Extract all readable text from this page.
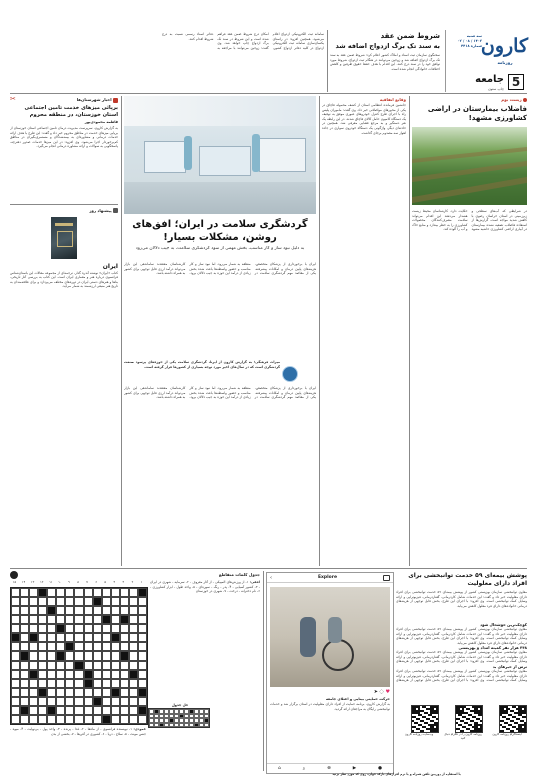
سه شنبه
۱۴۰۲ / ۰۸ / ۰۲
شماره ۴۴۱۸
کارون
روزنامه
5
جامعه
چاپ ستون
شروط ضمن عقد
به سند تک برگ ازدواج اضافه شد
سخنگوی سازمان ثبت اسناد و املاک کشور اعلام کرد: شروط ضمن عقد به سند تک برگ ازدواج اضافه شد و زوجین می‌توانند در هنگام ثبت ازدواج، شروط مورد توافق خود را در سند درج کنند. این اقدام با هدف حفظ حقوق طرفین و کاهش اختلافات خانوادگی انجام شده است.
سامانه ثبت الکترونیکی ازدواج اعلام می‌شود. همچنین افزود: در راستای یکسان‌سازی سامانه ثبت الکترونیکی ازدواج در کلیه دفاتر ازدواج کشور، امکان درج شروط ضمن عقد فراهم شده است و این شروط در سند تک برگ ازدواج چاپ خواهد شد. وی گفت: زوجین می‌توانند با مراجعه به دفاتر اسناد رسمی نسبت به درج شروط اقدام کنند.
اخبار شهرستان‌ها
✂
برپائی میزهای خدمت تامین اجتماعی استان خوزستان، در منطقه محروم
فاطمه محمودی‌پور
به گزارش کارون، سرپرست مدیریت درمان تامین اجتماعی استان خوزستان از برپایی میزهای خدمت در مناطق محروم خبر داد و گفت: این طرح با هدف ارائه خدمات درمانی و مشاوره‌ای به بیمه‌شدگان و مستمری‌بگیران در مناطق کم‌برخوردار اجرا می‌شود. وی افزود: در این میزها خدمات صدور دفترچه، پاسخگویی به سوالات و ارائه مشاوره درمانی انجام می‌گیرد.
پیشنهاد روز
ایران
کتاب «ایران» نوشته آندره گدار، ترجمه‌ای از مجموعه مقالات این باستان‌شناس فرانسوی درباره هنر و معماری ایران است. این کتاب به بررسی آثار تاریخی، بناها و هنرهای دستی ایران در دوره‌های مختلف می‌پردازد و برای علاقه‌مندان به تاریخ هنر منبعی ارزشمند به شمار می‌آید.
گردشگری سلامت در ایران؛ افق‌های روشن، مشکلات بسیار!
به دلیل نبود ساز و کار مناسب، بخش مهمی از سود گردشگری سلامت، به جیب دلالان می‌رود
ایران با برخورداری از پزشکان متخصص، هزینه‌های پایین درمان و امکانات پیشرفته، یکی از مقاصد مهم گردشگری سلامت در منطقه به شمار می‌رود. اما نبود ساز و کار مناسب و حضور واسطه‌ها باعث شده بخش زیادی از درآمد این حوزه به جیب دلالان برود. کارشناسان معتقدند ساماندهی این بازار می‌تواند درآمد ارزی قابل توجهی برای کشور به همراه داشته باشد.
میراث فرهنگی؛ به گزارش کارون از ایرنا، گردشگری سلامت یکی از حوزه‌های پرسود صنعت گردشگری است که در سال‌های اخیر مورد توجه بسیاری از کشورها قرار گرفته است.
ایران با برخورداری از پزشکان متخصص، هزینه‌های پایین درمان و امکانات پیشرفته، یکی از مقاصد مهم گردشگری سلامت در منطقه به شمار می‌رود. اما نبود ساز و کار مناسب و حضور واسطه‌ها باعث شده بخش زیادی از درآمد این حوزه به جیب دلالان برود. کارشناسان معتقدند ساماندهی این بازار می‌تواند درآمد ارزی قابل توجهی برای کشور به همراه داشته باشد.
وقایع اتفاقیه
جانشین فرمانده انتظامی استان از کشف محموله قاچاق در یکی از محورهای مواصلاتی خبر داد. وی گفت: ماموران پلیس راه با اجرای طرح کنترل خودروهای عبوری موفق به توقیف یک دستگاه کامیون حامل کالای قاچاق شدند. در این رابطه یک نفر دستگیر و به مرجع قضایی معرفی شد. همچنین در حادثه‌ای دیگر، واژگونی یک دستگاه خودروی سواری در جاده اهواز سه مصدوم برجای گذاشت.
زیست بوم
فاضلاب بیمارستان در اراضی کشاورزی مشهد!
در شرایطی که آب‌های سطحی و زیرزمینی در استان خراسان رضوی با کاهش شدید مواجه است، گزارش‌ها از استفاده فاضلاب تصفیه نشده بیمارستان در آبیاری اراضی کشاورزی حاشیه مشهد حکایت دارد. کارشناسان محیط زیست هشدار می‌دهند این اقدام می‌تواند سلامت مصرف‌کنندگان محصولات کشاورزی را به خطر بیندازد و منابع خاک و آب را آلوده کند.
جدول کلمات متقاطع
۱
۲
۳
۴
۵
۶
۷
۸
۹
۱۰
۱۱
۱۲
۱۳
۱۴
۱۵
عمودی: ۱- نویسنده فرانسوی - از ماه‌ها - ۲- غذا - پرنده - ۳- واحد پول - بی‌نهایت - ۴- میوه - جنس مونث - ۵- سلاح - دریا - ۶- کشوری در آفریقا - ۷- بخشی از بدن
افقی: ۱- از ورزش‌های المپیکی - از آثار معروف - ۲- سرمایه - شهری در ایران - ۳- کشور آسیایی - ۴- پدر - رنگ - سوره‌ای - ۵- واحد طول - ابزار کشاورزی - ۶- نام دخترانه - درخت - ۷- شهری در خوزستان
حل جدول
‹	Explore
♥ ◌ ➤
حرکت حمایتی بینایی و اعتلای جامعه
به گزارش کارون، برنامه حمایت از افراد دارای معلولیت در استان برگزار شد و خدمات توانبخشی رایگان به مراجعان ارائه گردید.
⌂	⌕	⊕	▶	●
پوشش بیمه‌ای ۵۹ خدمت توانبخشی برای افراد دارای معلولیت
معاون توانبخشی سازمان بهزیستی کشور از پوشش بیمه‌ای ۵۹ خدمت توانبخشی برای افراد دارای معلولیت خبر داد و گفت: این خدمات شامل کاردرمانی، گفتاردرمانی، فیزیوتراپی و ارائه وسایل کمک توانبخشی است. وی افزود: با اجرای این طرح، بخش قابل توجهی از هزینه‌های درمانی خانواده‌های دارای فرد معلول کاهش می‌یابد.
کوچک‌ترین خوشحال شود
معاون توانبخشی سازمان بهزیستی کشور از پوشش بیمه‌ای ۵۹ خدمت توانبخشی برای افراد دارای معلولیت خبر داد و گفت: این خدمات شامل کاردرمانی، گفتاردرمانی، فیزیوتراپی و ارائه وسایل کمک توانبخشی است. وی افزود: با اجرای این طرح، بخش قابل توجهی از هزینه‌های درمانی خانواده‌های دارای فرد معلول کاهش می‌یابد.
۴۴۸ هزار نفر کمیته امداد و بهزیستی
معاون توانبخشی سازمان بهزیستی کشور از پوشش بیمه‌ای ۵۹ خدمت توانبخشی برای افراد دارای معلولیت خبر داد و گفت: این خدمات شامل کاردرمانی، گفتاردرمانی، فیزیوتراپی و ارائه وسایل کمک توانبخشی است. وی افزود: با اجرای این طرح، بخش قابل توجهی از هزینه‌های
ترس از خبرهای بد
معاون توانبخشی سازمان بهزیستی کشور از پوشش بیمه‌ای ۵۹ خدمت توانبخشی برای افراد دارای معلولیت خبر داد و گفت: این خدمات شامل کاردرمانی، گفتاردرمانی، فیزیوتراپی و ارائه وسایل کمک توانبخشی است. وی افزود: با اجرای این طرح، بخش قابل توجهی از هزینه‌های
اینستاگرام روزنامه کارون
روزنامه کارون را در تلگرام دنبال کنید
وب‌سایت روزنامه کارون
با استفاده از دوربین تلفن همراه و یا نرم افزارهای بارکد خوان، روی کد مورد نظر بزنید
